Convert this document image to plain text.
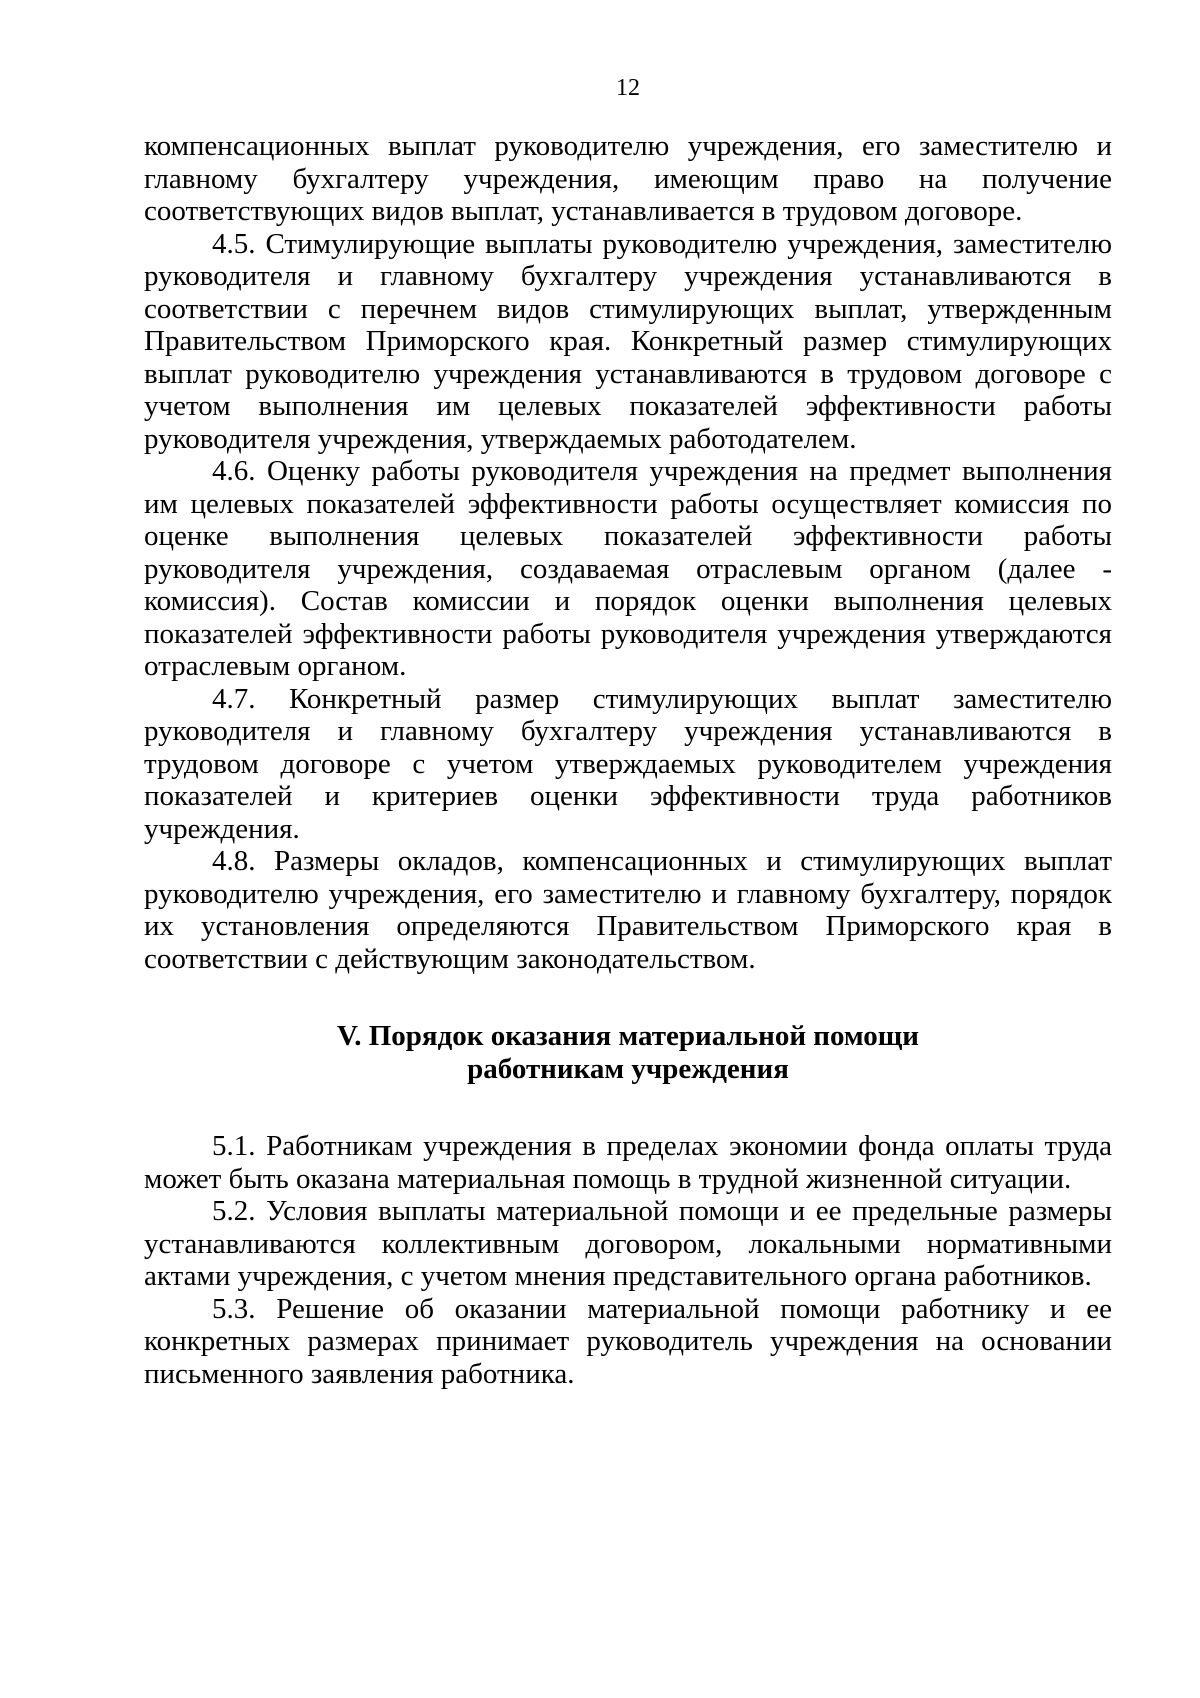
12

компенсационных выплат руководителю учреждения, его заместителю и главному бухгалтеру учреждения, имеющим право на получение соответствующих видов выплат, устанавливается в трудовом договоре.

4.5. Стимулирующие выплаты руководителю учреждения, заместителю руководителя и главному бухгалтеру учреждения устанавливаются в соответствии с перечнем видов стимулирующих выплат, утвержденным Правительством Приморского края. Конкретный размер стимулирующих выплат руководителю учреждения устанавливаются в трудовом договоре с учетом выполнения им целевых показателей эффективности работы руководителя учреждения, утверждаемых работодателем.

4.6. Оценку работы руководителя учреждения на предмет выполнения им целевых показателей эффективности работы осуществляет комиссия по оценке выполнения целевых показателей эффективности работы руководителя учреждения, создаваемая отраслевым органом (далее - комиссия). Состав комиссии и порядок оценки выполнения целевых показателей эффективности работы руководителя учреждения утверждаются отраслевым органом.

4.7. Конкретный размер стимулирующих выплат заместителю руководителя и главному бухгалтеру учреждения устанавливаются в трудовом договоре с учетом утверждаемых руководителем учреждения показателей и критериев оценки эффективности труда работников учреждения.

4.8. Размеры окладов, компенсационных и стимулирующих выплат руководителю учреждения, его заместителю и главному бухгалтеру, порядок их установления определяются Правительством Приморского края в соответствии с действующим законодательством.

V. Порядок оказания материальной помощи
работникам учреждения

5.1. Работникам учреждения в пределах экономии фонда оплаты труда может быть оказана материальная помощь в трудной жизненной ситуации.

5.2. Условия выплаты материальной помощи и ее предельные размеры устанавливаются коллективным договором, локальными нормативными актами учреждения, с учетом мнения представительного органа работников.

5.3. Решение об оказании материальной помощи работнику и ее конкретных размерах принимает руководитель учреждения на основании письменного заявления работника.
